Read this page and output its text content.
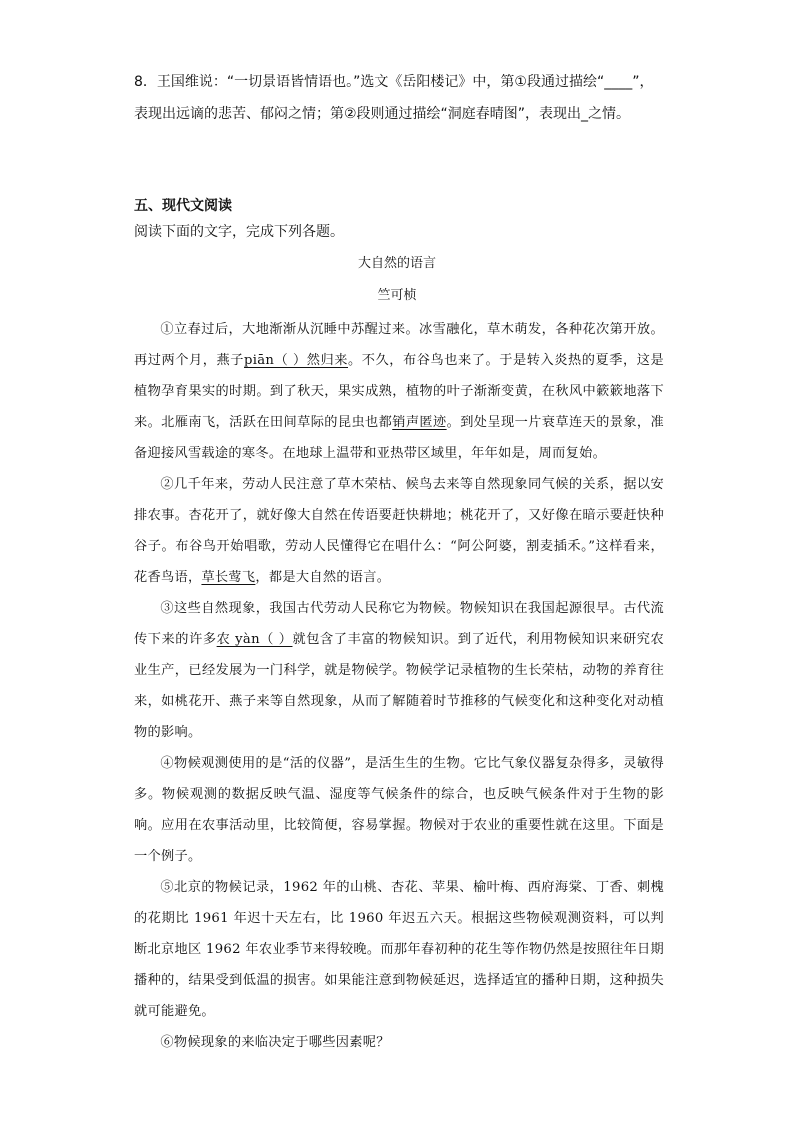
8．王国维说：“一切景语皆情语也。”选文《岳阳楼记》中，第①段通过描绘“____”，
表现出远谪的悲苦、郁闷之情；第②段则通过描绘“洞庭春晴图”，表现出_之情。
五、现代文阅读
阅读下面的文字，完成下列各题。
大自然的语言
竺可桢

①立春过后，大地渐渐从沉睡中苏醒过来。冰雪融化，草木萌发，各种花次第开放。再过两个月，燕子piān（ ）然归来。不久，布谷鸟也来了。于是转入炎热的夏季，这是植物孕育果实的时期。到了秋天，果实成熟，植物的叶子渐渐变黄，在秋风中簌簌地落下来。北雁南飞，活跃在田间草际的昆虫也都销声匿迹。到处呈现一片衰草连天的景象，准备迎接风雪载途的寒冬。在地球上温带和亚热带区域里，年年如是，周而复始。

②几千年来，劳动人民注意了草木荣枯、候鸟去来等自然现象同气候的关系，据以安排农事。杏花开了，就好像大自然在传语要赶快耕地；桃花开了，又好像在暗示要赶快种谷子。布谷鸟开始唱歌，劳动人民懂得它在唱什么：“阿公阿婆，割麦插禾。”这样看来，花香鸟语，草长莺飞，都是大自然的语言。

③这些自然现象，我国古代劳动人民称它为物候。物候知识在我国起源很早。古代流传下来的许多农 yàn（ ）就包含了丰富的物候知识。到了近代，利用物候知识来研究农业生产，已经发展为一门科学，就是物候学。物候学记录植物的生长荣枯，动物的养育往来，如桃花开、燕子来等自然现象，从而了解随着时节推移的气候变化和这种变化对动植物的影响。

④物候观测使用的是“活的仪器”，是活生生的生物。它比气象仪器复杂得多，灵敏得多。物候观测的数据反映气温、湿度等气候条件的综合，也反映气候条件对于生物的影响。应用在农事活动里，比较简便，容易掌握。物候对于农业的重要性就在这里。下面是一个例子。

⑤北京的物候记录，1962 年的山桃、杏花、苹果、榆叶梅、西府海棠、丁香、刺槐的花期比 1961 年迟十天左右，比 1960 年迟五六天。根据这些物候观测资料，可以判断北京地区 1962 年农业季节来得较晚。而那年春初种的花生等作物仍然是按照往年日期播种的，结果受到低温的损害。如果能注意到物候延迟，选择适宜的播种日期，这种损失就可能避免。

⑥物候现象的来临决定于哪些因素呢？
